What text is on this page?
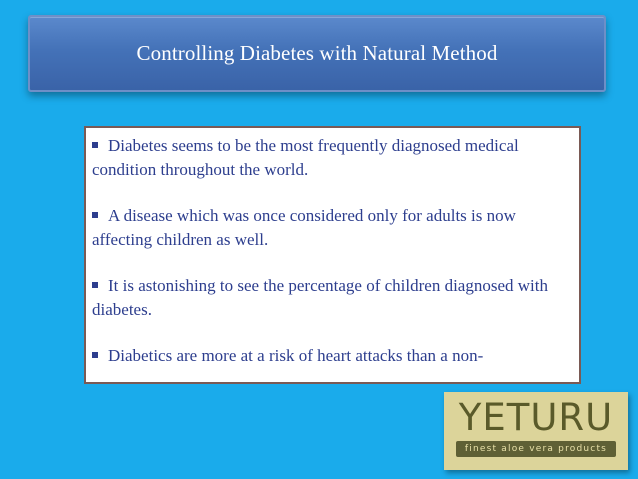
Controlling Diabetes with Natural Method
Diabetes seems to be the most frequently diagnosed medical condition throughout the world.
A disease which was once considered only for adults is now affecting children as well.
It is astonishing to see the percentage of children diagnosed with diabetes.
Diabetics are more at a risk of heart attacks than a non-
YETURU
finest aloe vera products
